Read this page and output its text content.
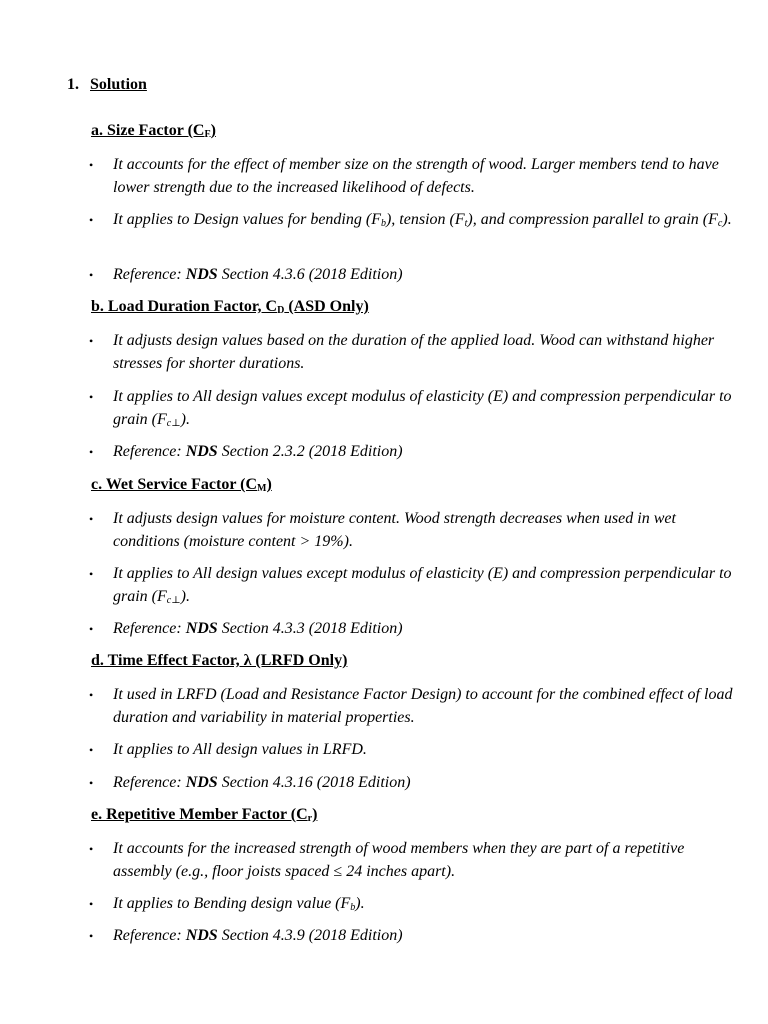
1. Solution
a. Size Factor $(C_F)$
• It accounts for the effect of member size on the strength of wood. Larger members tend to have lower strength due to the increased likelihood of defects.
• It applies to Design values for bending $(F_b)$, tension $(F_t)$, and compression parallel to grain $(F_c)$.
• Reference: NDS Section 4.3.6 (2018 Edition)
b. Load Duration Factor, $C_D$ (ASD Only)
• It adjusts design values based on the duration of the applied load. Wood can withstand higher stresses for shorter durations.
• It applies to All design values except modulus of elasticity (E) and compression perpendicular to grain $(F_{c\perp})$.
• Reference: NDS Section 2.3.2 (2018 Edition)
c. Wet Service Factor $(C_M)$
• It adjusts design values for moisture content. Wood strength decreases when used in wet conditions (moisture content > 19%).
• It applies to All design values except modulus of elasticity (E) and compression perpendicular to grain $(F_{c\perp})$.
• Reference: NDS Section 4.3.3 (2018 Edition)
d. Time Effect Factor, λ (LRFD Only)
• It used in LRFD (Load and Resistance Factor Design) to account for the combined effect of load duration and variability in material properties.
• It applies to All design values in LRFD.
• Reference: NDS Section 4.3.16 (2018 Edition)
e. Repetitive Member Factor $(C_r)$
• It accounts for the increased strength of wood members when they are part of a repetitive assembly (e.g., floor joists spaced ≤ 24 inches apart).
• It applies to Bending design value $(F_b)$.
• Reference: NDS Section 4.3.9 (2018 Edition)
